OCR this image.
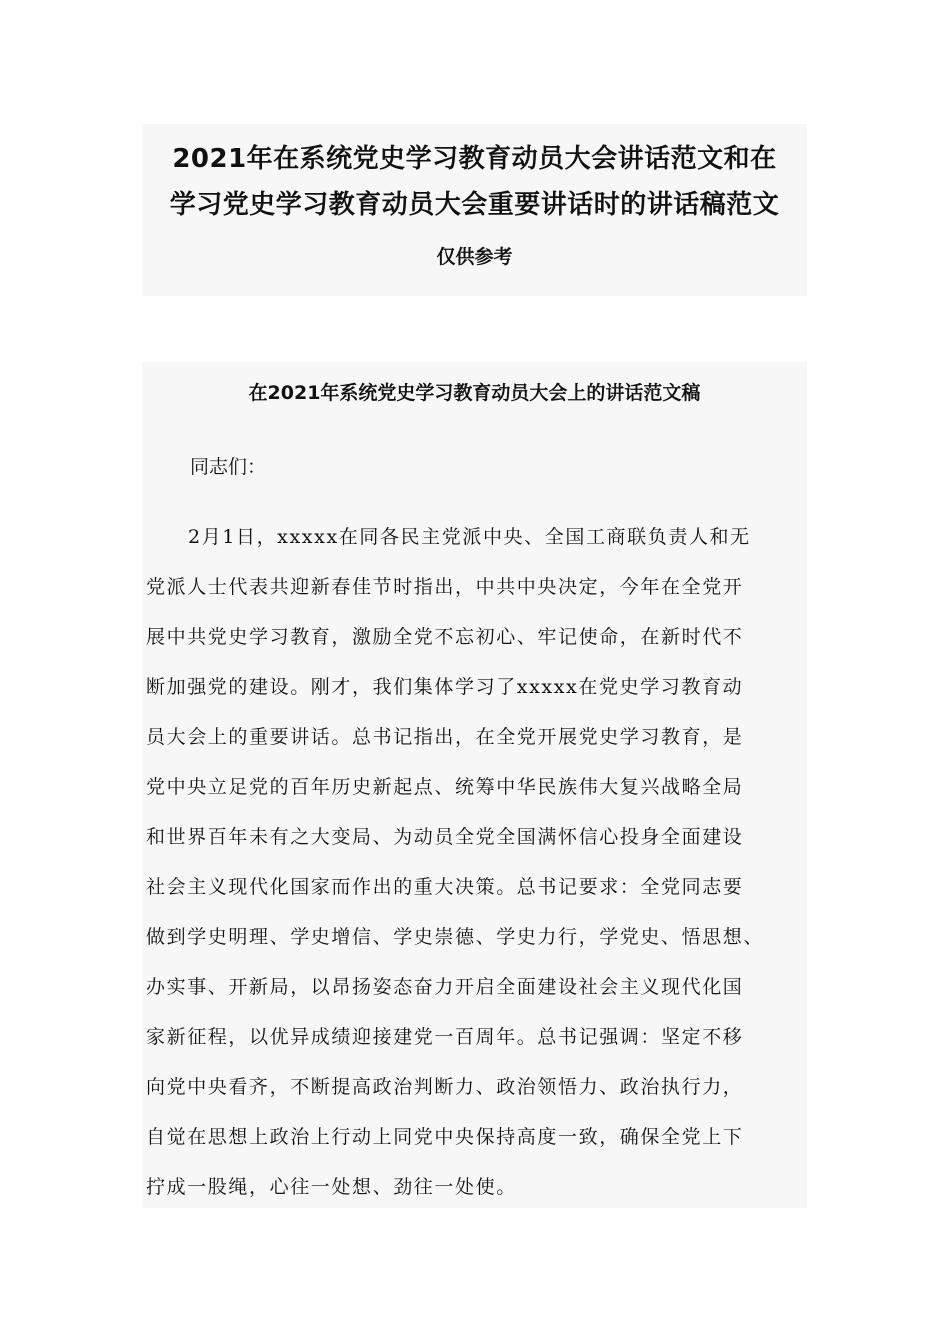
2021年在系统党史学习教育动员大会讲话范文和在
学习党史学习教育动员大会重要讲话时的讲话稿范文
仅供参考
在2021年系统党史学习教育动员大会上的讲话范文稿
同志们：
2月1日，xxxxx在同各民主党派中央、全国工商联负责人和无
党派人士代表共迎新春佳节时指出，中共中央决定，今年在全党开
展中共党史学习教育，激励全党不忘初心、牢记使命，在新时代不
断加强党的建设。刚才，我们集体学习了xxxxx在党史学习教育动
员大会上的重要讲话。总书记指出，在全党开展党史学习教育，是
党中央立足党的百年历史新起点、统筹中华民族伟大复兴战略全局
和世界百年未有之大变局、为动员全党全国满怀信心投身全面建设
社会主义现代化国家而作出的重大决策。总书记要求：全党同志要
做到学史明理、学史增信、学史崇德、学史力行，学党史、悟思想、
办实事、开新局，以昂扬姿态奋力开启全面建设社会主义现代化国
家新征程，以优异成绩迎接建党一百周年。总书记强调：坚定不移
向党中央看齐，不断提高政治判断力、政治领悟力、政治执行力，
自觉在思想上政治上行动上同党中央保持高度一致，确保全党上下
拧成一股绳，心往一处想、劲往一处使。
